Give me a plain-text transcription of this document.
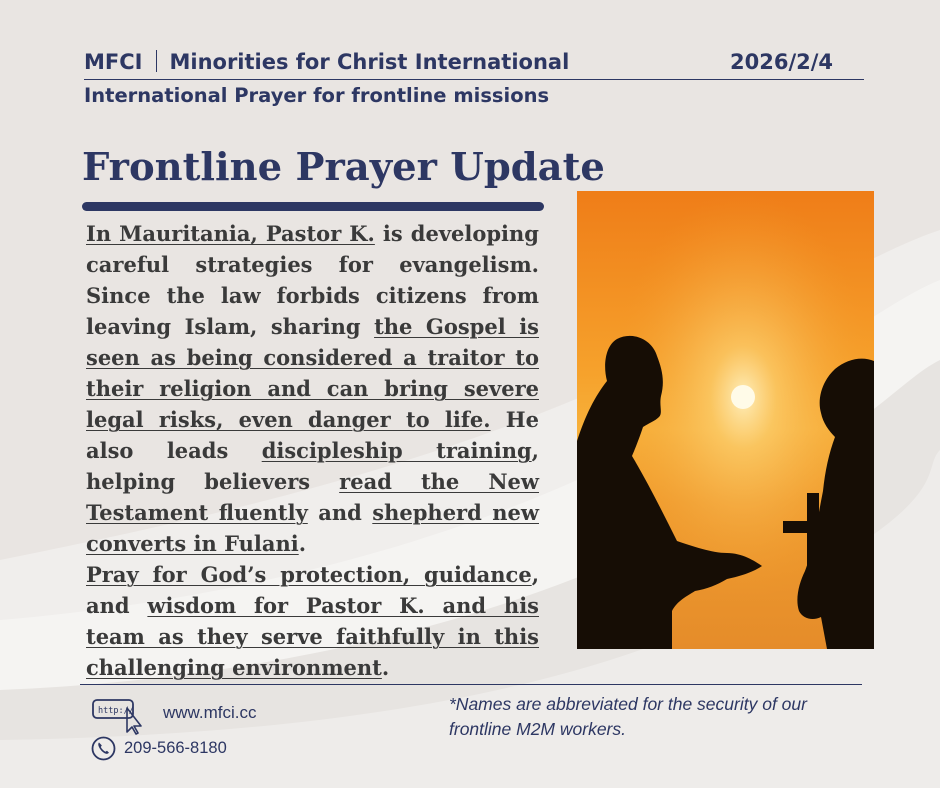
MFCI Minorities for Christ International	2026/2/4
International Prayer for frontline missions
Frontline Prayer Update

In Mauritania, Pastor K. is developing careful strategies for evangelism. Since the law forbids citizens from leaving Islam, sharing the Gospel is seen as being considered a traitor to their religion and can bring severe legal risks, even danger to life. He also leads discipleship training, helping believers read the New Testament fluently and shepherd new converts in Fulani.

Pray for God’s protection, guidance, and wisdom for Pastor K. and his team as they serve faithfully in this challenging environment.

http:// www.mfci.cc
209-566-8180
*Names are abbreviated for the security of our frontline M2M workers.
